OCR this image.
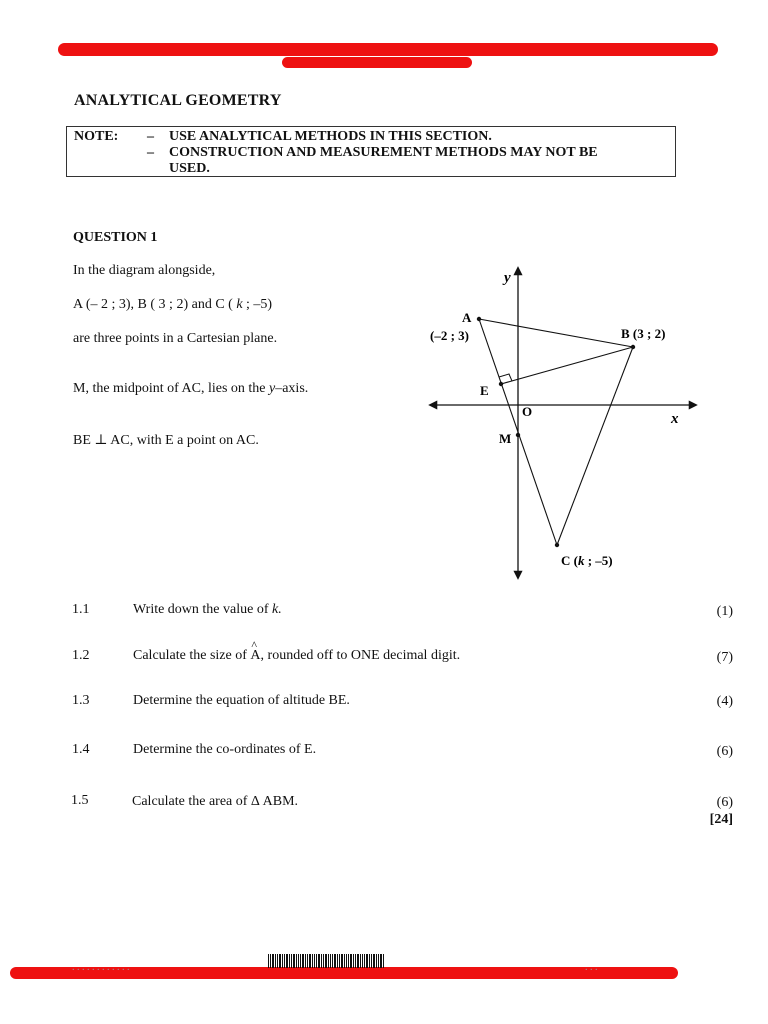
. . . . . . . . . . . .	. . .
ANALYTICAL GEOMETRY
NOTE: – USE ANALYTICAL METHODS IN THIS SECTION.
– CONSTRUCTION AND MEASUREMENT METHODS MAY NOT BE
USED.
QUESTION 1
In the diagram alongside,
A (– 2 ; 3), B ( 3 ; 2) and C ( k ; –5)
are three points in a Cartesian plane.
M, the midpoint of AC, lies on the y–axis.
BE ⊥ AC, with E a point on AC.
y
x
A
(–2 ; 3)	B (3 ; 2)
E
O
M
C (k ; –5)
1.1	Write down the value of k.	(1)
1.2	Calculate the size of
^
A, rounded off to ONE decimal digit.	(7)
1.3	Determine the equation of altitude BE.	(4)
1.4	Determine the co-ordinates of E.	(6)
1.5	Calculate the area of Δ ABM.	(6)
[24]
